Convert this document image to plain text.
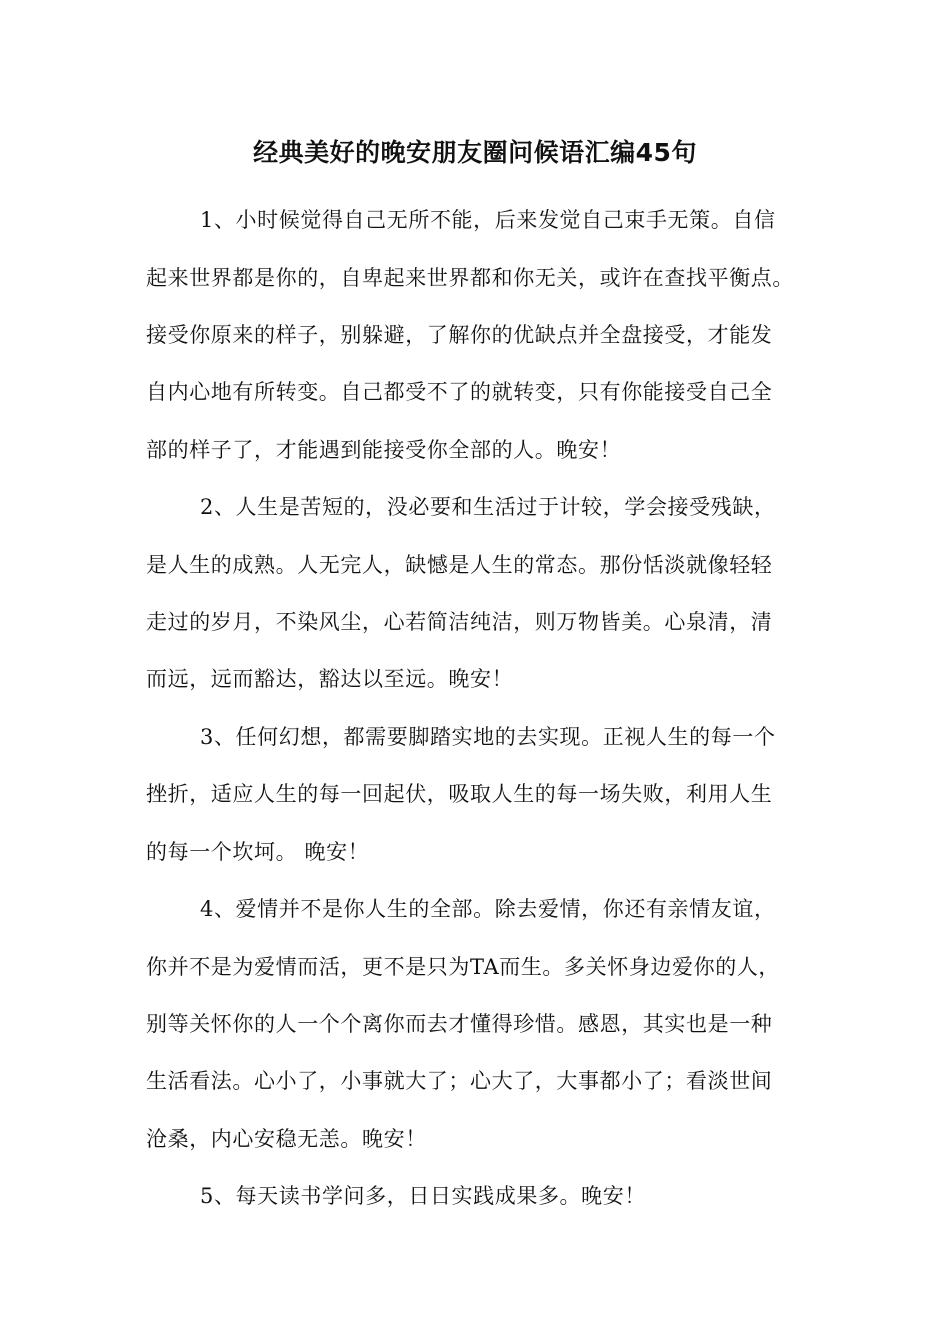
经典美好的晚安朋友圈问候语汇编45句
1、小时候觉得自己无所不能，后来发觉自己束手无策。自信
起来世界都是你的，自卑起来世界都和你无关，或许在查找平衡点。
接受你原来的样子，别躲避，了解你的优缺点并全盘接受，才能发
自内心地有所转变。自己都受不了的就转变，只有你能接受自己全
部的样子了，才能遇到能接受你全部的人。晚安！
2、人生是苦短的，没必要和生活过于计较，学会接受残缺，
是人生的成熟。人无完人，缺憾是人生的常态。那份恬淡就像轻轻
走过的岁月，不染风尘，心若简洁纯洁，则万物皆美。心泉清，清
而远，远而豁达，豁达以至远。晚安！
3、任何幻想，都需要脚踏实地的去实现。正视人生的每一个
挫折，适应人生的每一回起伏，吸取人生的每一场失败，利用人生
的每一个坎坷。 晚安！
4、爱情并不是你人生的全部。除去爱情，你还有亲情友谊，
你并不是为爱情而活，更不是只为TA而生。多关怀身边爱你的人，
别等关怀你的人一个个离你而去才懂得珍惜。感恩，其实也是一种
生活看法。心小了，小事就大了；心大了，大事都小了；看淡世间
沧桑，内心安稳无恙。晚安！
5、每天读书学问多，日日实践成果多。晚安！
